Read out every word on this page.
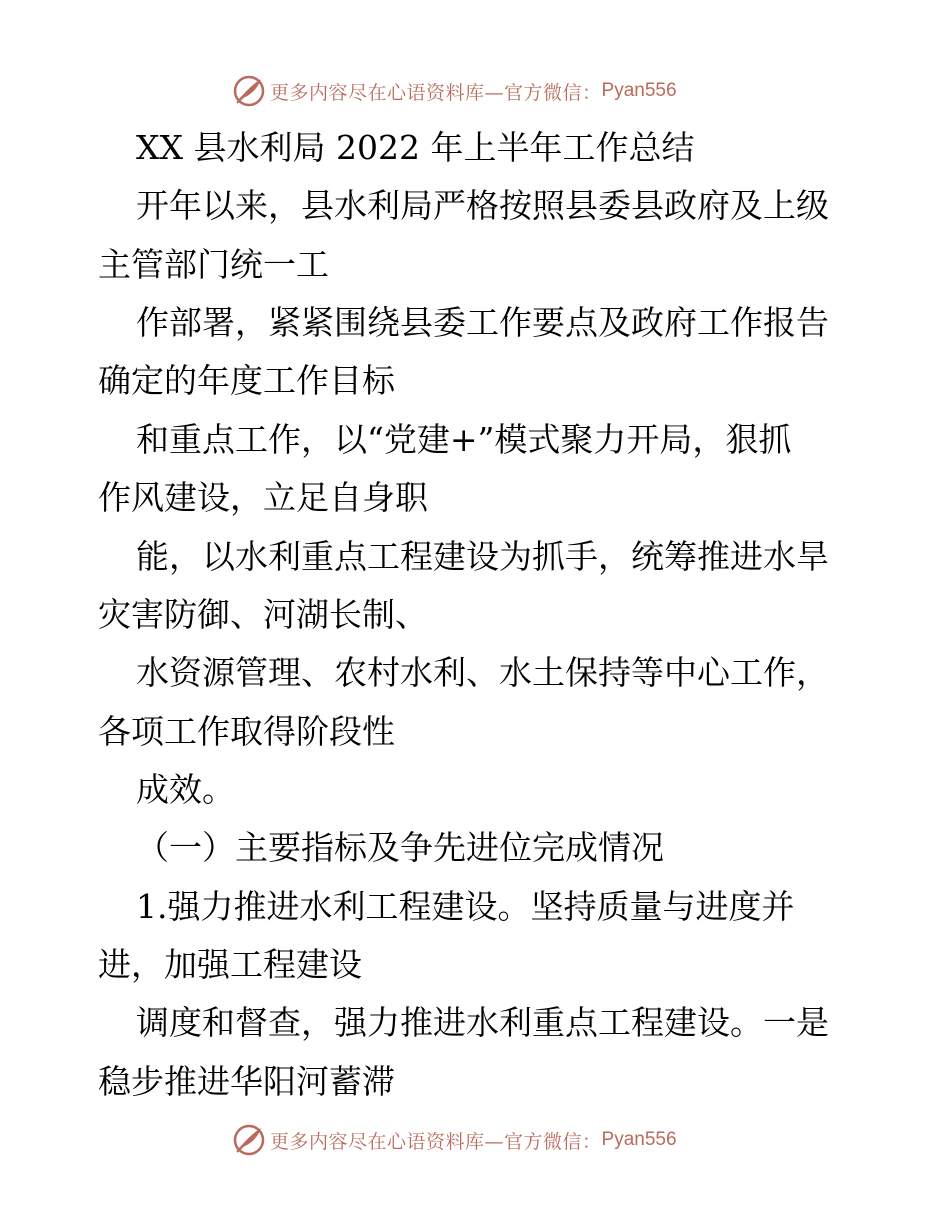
更多内容尽在心语资料库—官方微信： Pyan556
XX 县水利局 2022 年上半年工作总结
开年以来，县水利局严格按照县委县政府及上级
主管部门统一工
作部署，紧紧围绕县委工作要点及政府工作报告
确定的年度工作目标
和重点工作，以“党建+”模式聚力开局，狠抓
作风建设，立足自身职
能，以水利重点工程建设为抓手，统筹推进水旱
灾害防御、河湖长制、
水资源管理、农村水利、水土保持等中心工作，
各项工作取得阶段性
成效。
（一）主要指标及争先进位完成情况
1.强力推进水利工程建设。坚持质量与进度并
进，加强工程建设
调度和督查，强力推进水利重点工程建设。一是
稳步推进华阳河蓄滞
更多内容尽在心语资料库—官方微信： Pyan556
